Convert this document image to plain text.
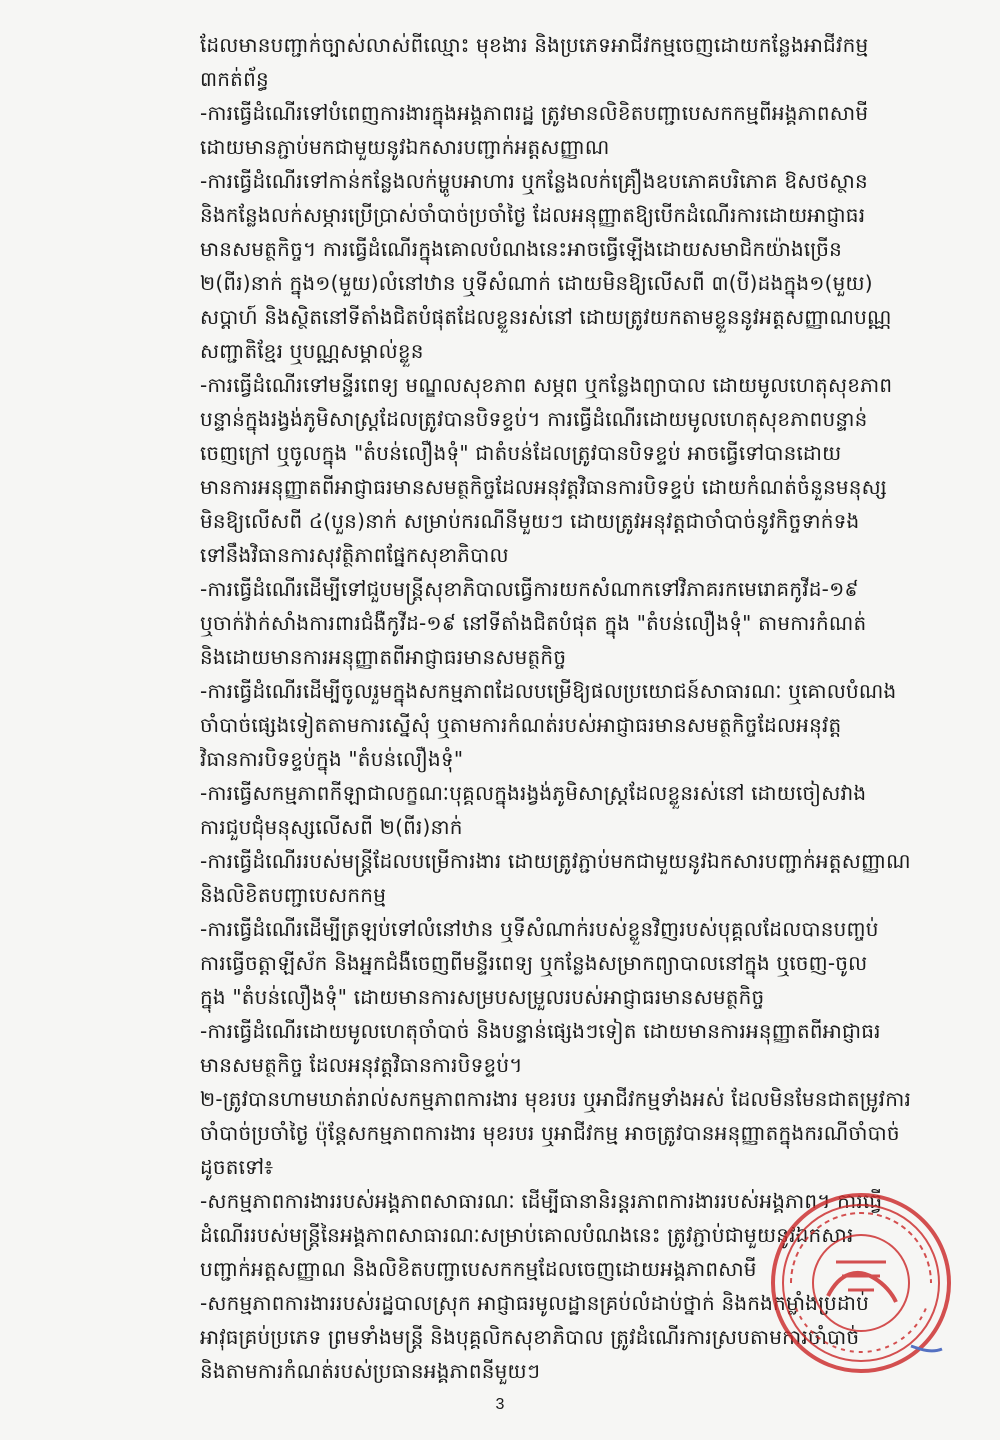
ដែលមានបញ្ជាក់ច្បាស់លាស់ពីឈ្មោះ មុខងារ និងប្រភេទអាជីវកម្មចេញដោយកន្លែងអាជីវកម្ម
៣កត់ព័ន្ធ
-ការធ្វើដំណើរទៅបំពេញការងារក្នុងអង្គភាពរដ្ឋ ត្រូវមានលិខិតបញ្ជាបេសកកម្មពីអង្គភាពសាមី
ដោយមានភ្ជាប់មកជាមួយនូវឯកសារបញ្ជាក់អត្តសញ្ញាណ
-ការធ្វើដំណើរទៅកាន់កន្លែងលក់ម្ហូបអាហារ ឬកន្លែងលក់គ្រឿងឧបភោគបរិភោគ ឱសថស្ថាន
និងកន្លែងលក់សម្ភារប្រើប្រាស់ចាំបាច់ប្រចាំថ្ងៃ ដែលអនុញ្ញាតឱ្យបើកដំណើរការដោយអាជ្ញាធរ
មានសមត្ថកិច្ច។ ការធ្វើដំណើរក្នុងគោលបំណងនេះអាចធ្វើឡើងដោយសមាជិកយ៉ាងច្រើន
២(ពីរ)នាក់ ក្នុង១(មួយ)លំនៅឋាន ឬទីសំណាក់ ដោយមិនឱ្យលើសពី ៣(បី)ដងក្នុង១(មួយ)
សប្តាហ៍ និងស្ថិតនៅទីតាំងជិតបំផុតដែលខ្លួនរស់នៅ ដោយត្រូវយកតាមខ្លួននូវអត្តសញ្ញាណបណ្ណ
សញ្ជាតិខ្មែរ ឬបណ្ណសម្គាល់ខ្លួន
-ការធ្វើដំណើរទៅមន្ទីរពេទ្យ មណ្ឌលសុខភាព សម្ភព ឬកន្លែងព្យាបាល ដោយមូលហេតុសុខភាព
បន្ទាន់ក្នុងរង្វង់ភូមិសាស្ត្រដែលត្រូវបានបិទខ្ទប់។ ការធ្វើដំណើរដោយមូលហេតុសុខភាពបន្ទាន់
ចេញក្រៅ ឬចូលក្នុង "តំបន់លឿងទុំ" ជាតំបន់ដែលត្រូវបានបិទខ្ទប់ អាចធ្វើទៅបានដោយ
មានការអនុញ្ញាតពីអាជ្ញាធរមានសមត្ថកិច្ចដែលអនុវត្តវិធានការបិទខ្ទប់ ដោយកំណត់ចំនួនមនុស្ស
មិនឱ្យលើសពី ៤(បួន)នាក់ សម្រាប់ករណីនីមួយៗ ដោយត្រូវអនុវត្តជាចាំបាច់នូវកិច្ចទាក់ទង
ទៅនឹងវិធានការសុវត្ថិភាពផ្នែកសុខាភិបាល
-ការធ្វើដំណើរដើម្បីទៅជួបមន្ត្រីសុខាភិបាលធ្វើការយកសំណាកទៅវិភាគរកមេរោគកូវីដ-១៩
ឬចាក់វ៉ាក់សាំងការពារជំងឺកូវីដ-១៩ នៅទីតាំងជិតបំផុត ក្នុង "តំបន់លឿងទុំ" តាមការកំណត់
និងដោយមានការអនុញ្ញាតពីអាជ្ញាធរមានសមត្ថកិច្ច
-ការធ្វើដំណើរដើម្បីចូលរួមក្នុងសកម្មភាពដែលបម្រើឱ្យផលប្រយោជន៍សាធារណៈ ឬគោលបំណង
ចាំបាច់ផ្សេងទៀតតាមការស្នើសុំ ឬតាមការកំណត់របស់អាជ្ញាធរមានសមត្ថកិច្ចដែលអនុវត្ត
វិធានការបិទខ្ទប់ក្នុង "តំបន់លឿងទុំ"
-ការធ្វើសកម្មភាពកីឡាជាលក្ខណៈបុគ្គលក្នុងរង្វង់ភូមិសាស្ត្រដែលខ្លួនរស់នៅ ដោយចៀសវាង
ការជួបជុំមនុស្សលើសពី ២(ពីរ)នាក់
-ការធ្វើដំណើររបស់មន្ត្រីដែលបម្រើការងារ ដោយត្រូវភ្ជាប់មកជាមួយនូវឯកសារបញ្ជាក់អត្តសញ្ញាណ
និងលិខិតបញ្ជាបេសកកម្ម
-ការធ្វើដំណើរដើម្បីត្រឡប់ទៅលំនៅឋាន ឬទីសំណាក់របស់ខ្លួនវិញរបស់បុគ្គលដែលបានបញ្ចប់
ការធ្វើចត្តាឡីស័ក និងអ្នកជំងឺចេញពីមន្ទីរពេទ្យ ឬកន្លែងសម្រាកព្យាបាលនៅក្នុង ឬចេញ-ចូល
ក្នុង "តំបន់លឿងទុំ" ដោយមានការសម្របសម្រួលរបស់អាជ្ញាធរមានសមត្ថកិច្ច
-ការធ្វើដំណើរដោយមូលហេតុចាំបាច់ និងបន្ទាន់ផ្សេងៗទៀត ដោយមានការអនុញ្ញាតពីអាជ្ញាធរ
មានសមត្ថកិច្ច ដែលអនុវត្តវិធានការបិទខ្ទប់។
២-ត្រូវបានហាមឃាត់រាល់សកម្មភាពការងារ មុខរបរ ឬអាជីវកម្មទាំងអស់ ដែលមិនមែនជាតម្រូវការ
ចាំបាច់ប្រចាំថ្ងៃ ប៉ុន្តែសកម្មភាពការងារ មុខរបរ ឬអាជីវកម្ម អាចត្រូវបានអនុញ្ញាតក្នុងករណីចាំបាច់
ដូចតទៅ៖
-សកម្មភាពការងាររបស់អង្គភាពសាធារណៈ ដើម្បីធានានិរន្តរភាពការងាររបស់អង្គភាព។ ការធ្វើ
ដំណើររបស់មន្ត្រីនៃអង្គភាពសាធារណៈសម្រាប់គោលបំណងនេះ ត្រូវភ្ជាប់ជាមួយនូវឯកសារ
បញ្ជាក់អត្តសញ្ញាណ និងលិខិតបញ្ជាបេសកកម្មដែលចេញដោយអង្គភាពសាមី
-សកម្មភាពការងាររបស់រដ្ឋបាលស្រុក អាជ្ញាធរមូលដ្ឋានគ្រប់លំដាប់ថ្នាក់ និងកងកម្លាំងប្រដាប់
អាវុធគ្រប់ប្រភេទ ព្រមទាំងមន្ត្រី និងបុគ្គលិកសុខាភិបាល ត្រូវដំណើរការស្របតាមការចាំបាច់
និងតាមការកំណត់របស់ប្រធានអង្គភាពនីមួយៗ
3
